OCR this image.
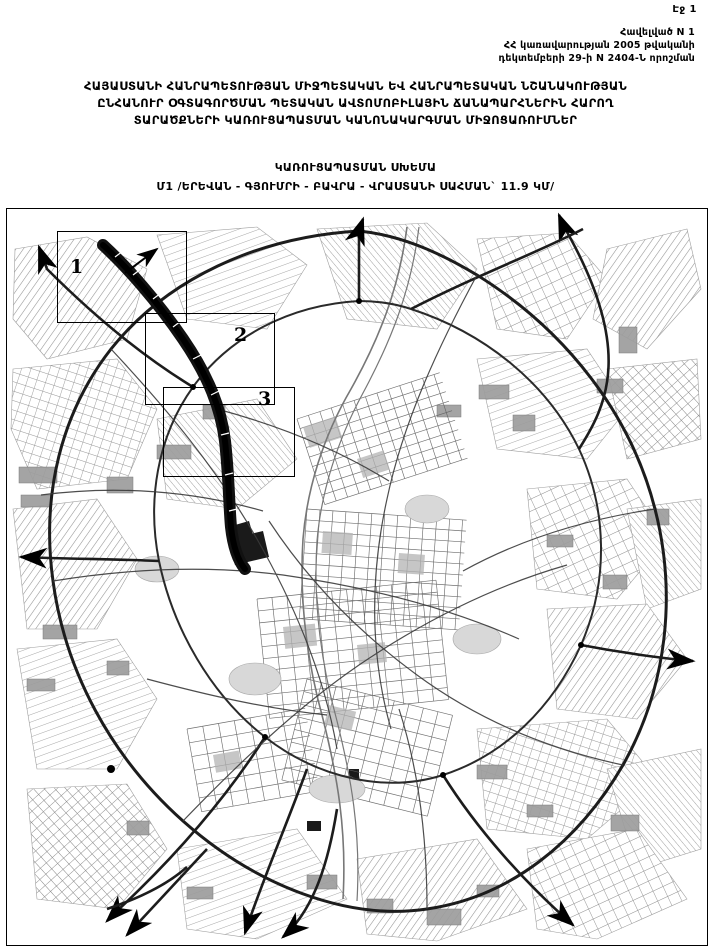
Էջ 1
Հավելված N 1
ՀՀ կառավարության 2005 թվականի
դեկտեմբերի 29-ի N 2404-Ն որոշման
ՀԱՅԱՍՏԱՆԻ ՀԱՆՐԱՊԵՏՈՒԹՅԱՆ ՄԻՋՊԵՏԱԿԱՆ ԵՎ ՀԱՆՐԱՊԵՏԱԿԱՆ ՆՇԱՆԱԿՈՒԹՅԱՆ
ԸՆՀԱՆՈՒՐ ՕԳՏԱԳՈՐԾՄԱՆ ՊԵՏԱԿԱՆ ԱՎՏՈՄՈԲԻԼԱՅԻՆ ՃԱՆԱՊԱՐՀՆԵՐԻՆ ՀԱՐՈՂ
ՏԱՐԱԾՔՆԵՐԻ ԿԱՌՈՒՑԱՊԱՏՄԱՆ ԿԱՆՈՆԱԿԱՐԳՄԱՆ ՄԻՋՈՑԱՌՈՒՄՆԵՐ
ԿԱՌՈՒՑԱՊԱՏՄԱՆ ՍԽԵՄԱ
Մ1 /ԵՐԵՎԱՆ - ԳՅՈՒՄՐԻ - ԲԱՎՐԱ - ՎՐԱՍՏԱՆԻ ՍԱՀՄԱՆ` 11.9 ԿՄ/
1
2
3
